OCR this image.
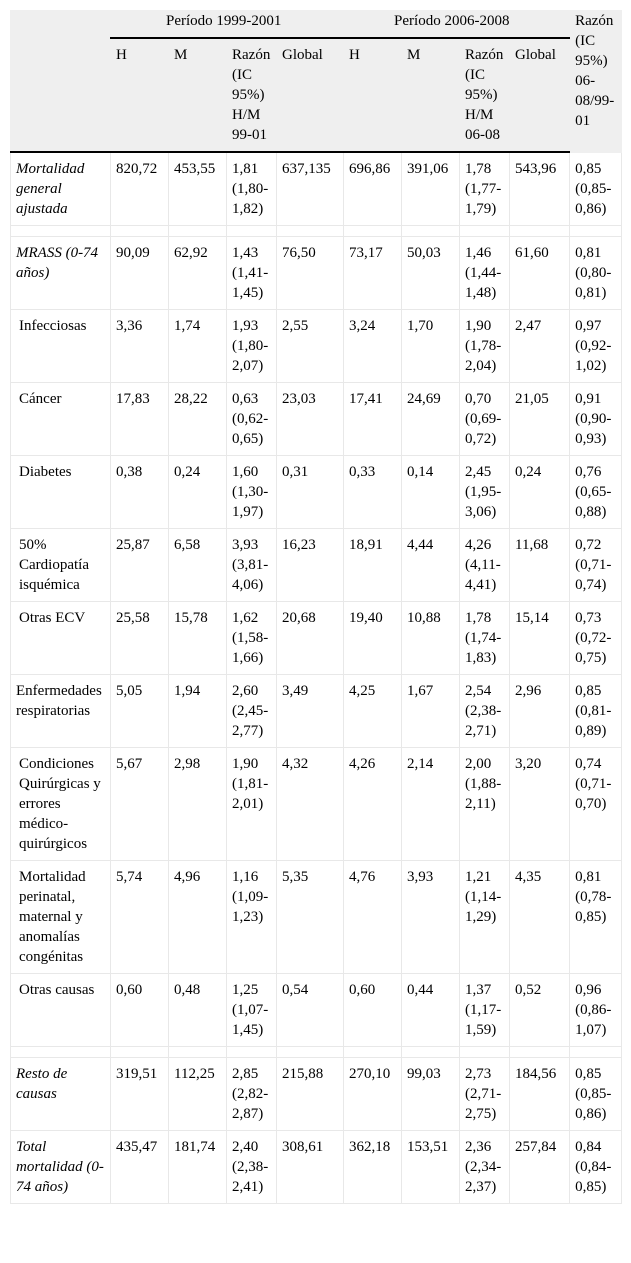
	Período 1999-2001				Período 2006-2008				Razón (IC 95%) 06-08/99-01
	H	M	Razón (IC 95%) H/M 99-01	Global	H	M	Razón (IC 95%) H/M 06-08	Global	
Mortalidad general ajustada	820,72	453,55	1,81 (1,80-1,82)	637,135	696,86	391,06	1,78 (1,77-1,79)	543,96	0,85 (0,85-0,86)

MRASS (0-74 años)	90,09	62,92	1,43 (1,41-1,45)	76,50	73,17	50,03	1,46 (1,44-1,48)	61,60	0,81 (0,80-0,81)
Infecciosas	3,36	1,74	1,93 (1,80-2,07)	2,55	3,24	1,70	1,90 (1,78-2,04)	2,47	0,97 (0,92-1,02)
Cáncer	17,83	28,22	0,63 (0,62-0,65)	23,03	17,41	24,69	0,70 (0,69-0,72)	21,05	0,91 (0,90-0,93)
Diabetes	0,38	0,24	1,60 (1,30-1,97)	0,31	0,33	0,14	2,45 (1,95-3,06)	0,24	0,76 (0,65-0,88)
50% Cardiopatía isquémica	25,87	6,58	3,93 (3,81-4,06)	16,23	18,91	4,44	4,26 (4,11-4,41)	11,68	0,72 (0,71-0,74)
Otras ECV	25,58	15,78	1,62 (1,58-1,66)	20,68	19,40	10,88	1,78 (1,74-1,83)	15,14	0,73 (0,72-0,75)
Enfermedades respiratorias	5,05	1,94	2,60 (2,45-2,77)	3,49	4,25	1,67	2,54 (2,38-2,71)	2,96	0,85 (0,81-0,89)
Condiciones Quirúrgicas y errores médico-quirúrgicos	5,67	2,98	1,90 (1,81-2,01)	4,32	4,26	2,14	2,00 (1,88-2,11)	3,20	0,74 (0,71-0,70)
Mortalidad perinatal, maternal y anomalías congénitas	5,74	4,96	1,16 (1,09-1,23)	5,35	4,76	3,93	1,21 (1,14-1,29)	4,35	0,81 (0,78-0,85)
Otras causas	0,60	0,48	1,25 (1,07-1,45)	0,54	0,60	0,44	1,37 (1,17-1,59)	0,52	0,96 (0,86-1,07)

Resto de causas	319,51	112,25	2,85 (2,82-2,87)	215,88	270,10	99,03	2,73 (2,71-2,75)	184,56	0,85 (0,85-0,86)
Total mortalidad (0-74 años)	435,47	181,74	2,40 (2,38-2,41)	308,61	362,18	153,51	2,36 (2,34-2,37)	257,84	0,84 (0,84-0,85)
